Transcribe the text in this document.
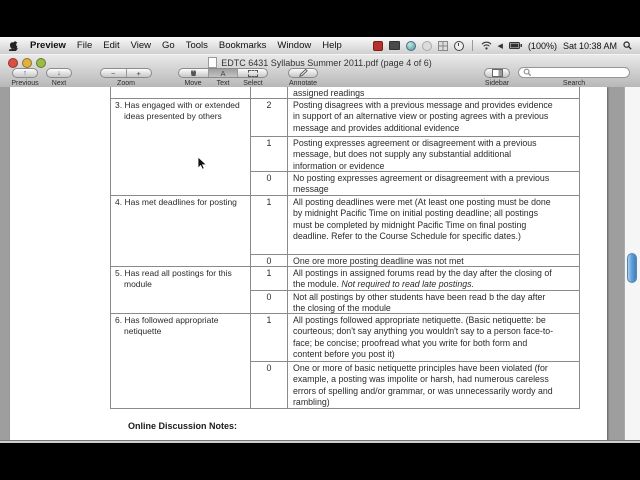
Preview File Edit View Go Tools Bookmarks Window Help	◀	(100%) Sat 10:38 AM
EDTC 6431 Syllabus Summer 2011.pdf (page 4 of 6)
↑
Previous
↓
Next
−	+
Zoom
A
Move	Text	Select	Annotate	Sidebar	Search
assigned readings
3. Has engaged with or extended ideas presented by others
2	Posting disagrees with a previous message and provides evidence in support of an alternative view or posting agrees with a previous message and provides additional evidence
1	Posting expresses agreement or disagreement with a previous message, but does not supply any substantial additional information or evidence
0	No posting expresses agreement or disagreement with a previous message
4. Has met deadlines for posting	1	All posting deadlines were met (At least one posting must be done by midnight Pacific Time on initial posting deadline; all postings must be completed by midnight Pacific Time on final posting deadline. Refer to the Course Schedule for specific dates.)
0	One ore more posting deadline was not met
5. Has read all postings for this module
1	All postings in assigned forums read by the day after the closing of the module. Not required to read late postings.
0	Not all postings by other students have been read b the day after the closing of the module
6. Has followed appropriate netiquette
1	All postings followed appropriate netiquette. (Basic netiquette: be courteous; don't say anything you wouldn't say to a person face-to-face; be concise; proofread what you write for both form and content before you post it)
0	One or more of basic netiquette principles have been violated (for example, a posting was impolite or harsh, had numerous careless errors of spelling and/or grammar, or was unnecessarily wordy and rambling)
Online Discussion Notes:
